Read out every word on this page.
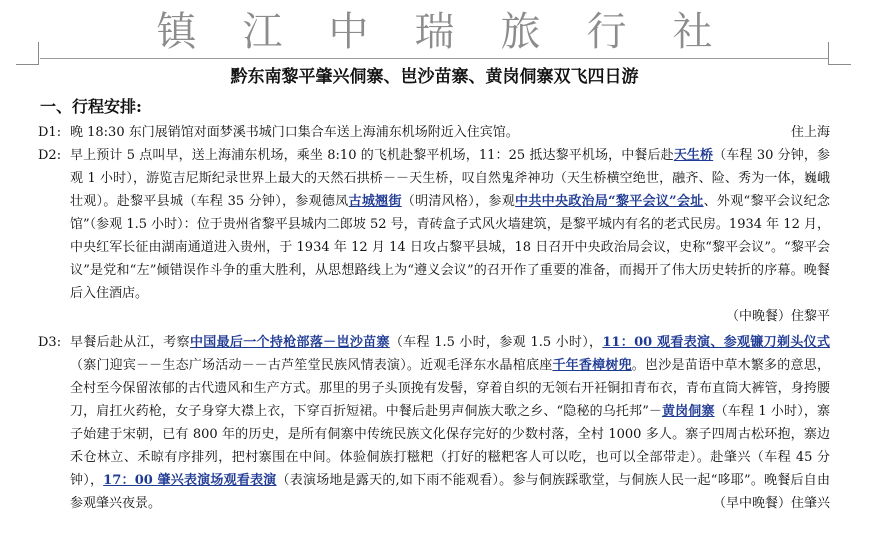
镇江中瑞旅行社
黔东南黎平肇兴侗寨、岜沙苗寨、黄岗侗寨双飞四日游
一、行程安排:
D1: 晚 18:30 东门展销馆对面梦溪书城门口集合车送上海浦东机场附近入住宾馆。	住上海
D2: 早上预计 5 点叫早，送上海浦东机场，乘坐 8:10 的飞机赴黎平机场，11：25 抵达黎平机场，中餐后赴天生桥（车程 30 分钟，参观 1 小时），游览吉尼斯纪录世界上最大的天然石拱桥－－天生桥，叹自然鬼斧神功（天生桥横空绝世，融齐、险、秀为一体，巍峨壮观）。赴黎平县城（车程 35 分钟），参观德凤古城翘街（明清风格），参观中共中央政治局“黎平会议”会址、外观“黎平会议纪念馆”（参观 1.5 小时）：位于贵州省黎平县城内二郎坡 52 号，青砖盒子式风火墙建筑，是黎平城内有名的老式民房。1934 年 12 月，中央红军长征由湖南通道进入贵州，于 1934 年 12 月 14 日攻占黎平县城，18 日召开中央政治局会议，史称“黎平会议”。“黎平会议”是党和“左”倾错误作斗争的重大胜利，从思想路线上为“遵义会议”的召开作了重要的准备，而揭开了伟大历史转折的序幕。晚餐后入住酒店。
（中晚餐）住黎平
D3: 早餐后赴从江，考察中国最后一个持枪部落－岜沙苗寨（车程 1.5 小时，参观 1.5 小时），11：00 观看表演、参观镰刀剃头仪式（寨门迎宾－－生态广场活动－－古芦笙堂民族风情表演）。近观毛泽东水晶棺底座千年香樟树兜。岜沙是苗语中草木繁多的意思，全村至今保留浓郁的古代遗风和生产方式。那里的男子头顶挽有发髻，穿着自织的无领右开衽铜扣青布衣，青布直筒大裤管，身挎腰刀，肩扛火药枪，女子身穿大襟上衣，下穿百折短裙。中餐后赴男声侗族大歌之乡、“隐秘的乌托邦”－黄岗侗寨（车程 1 小时），寨子始建于宋朝，已有 800 年的历史，是所有侗寨中传统民族文化保存完好的少数村落，全村 1000 多人。寨子四周古松环抱，寨边禾仓林立、禾晾有序排列，把村寨围在中间。体验侗族打糍粑（打好的糍粑客人可以吃，也可以全部带走）。赴肇兴（车程 45 分钟），17：00 肇兴表演场观看表演（表演场地是露天的,如下雨不能观看）。参与侗族踩歌堂，与侗族人民一起“哆耶”。晚餐后自由参观肇兴夜景。	（早中晚餐）住肇兴
